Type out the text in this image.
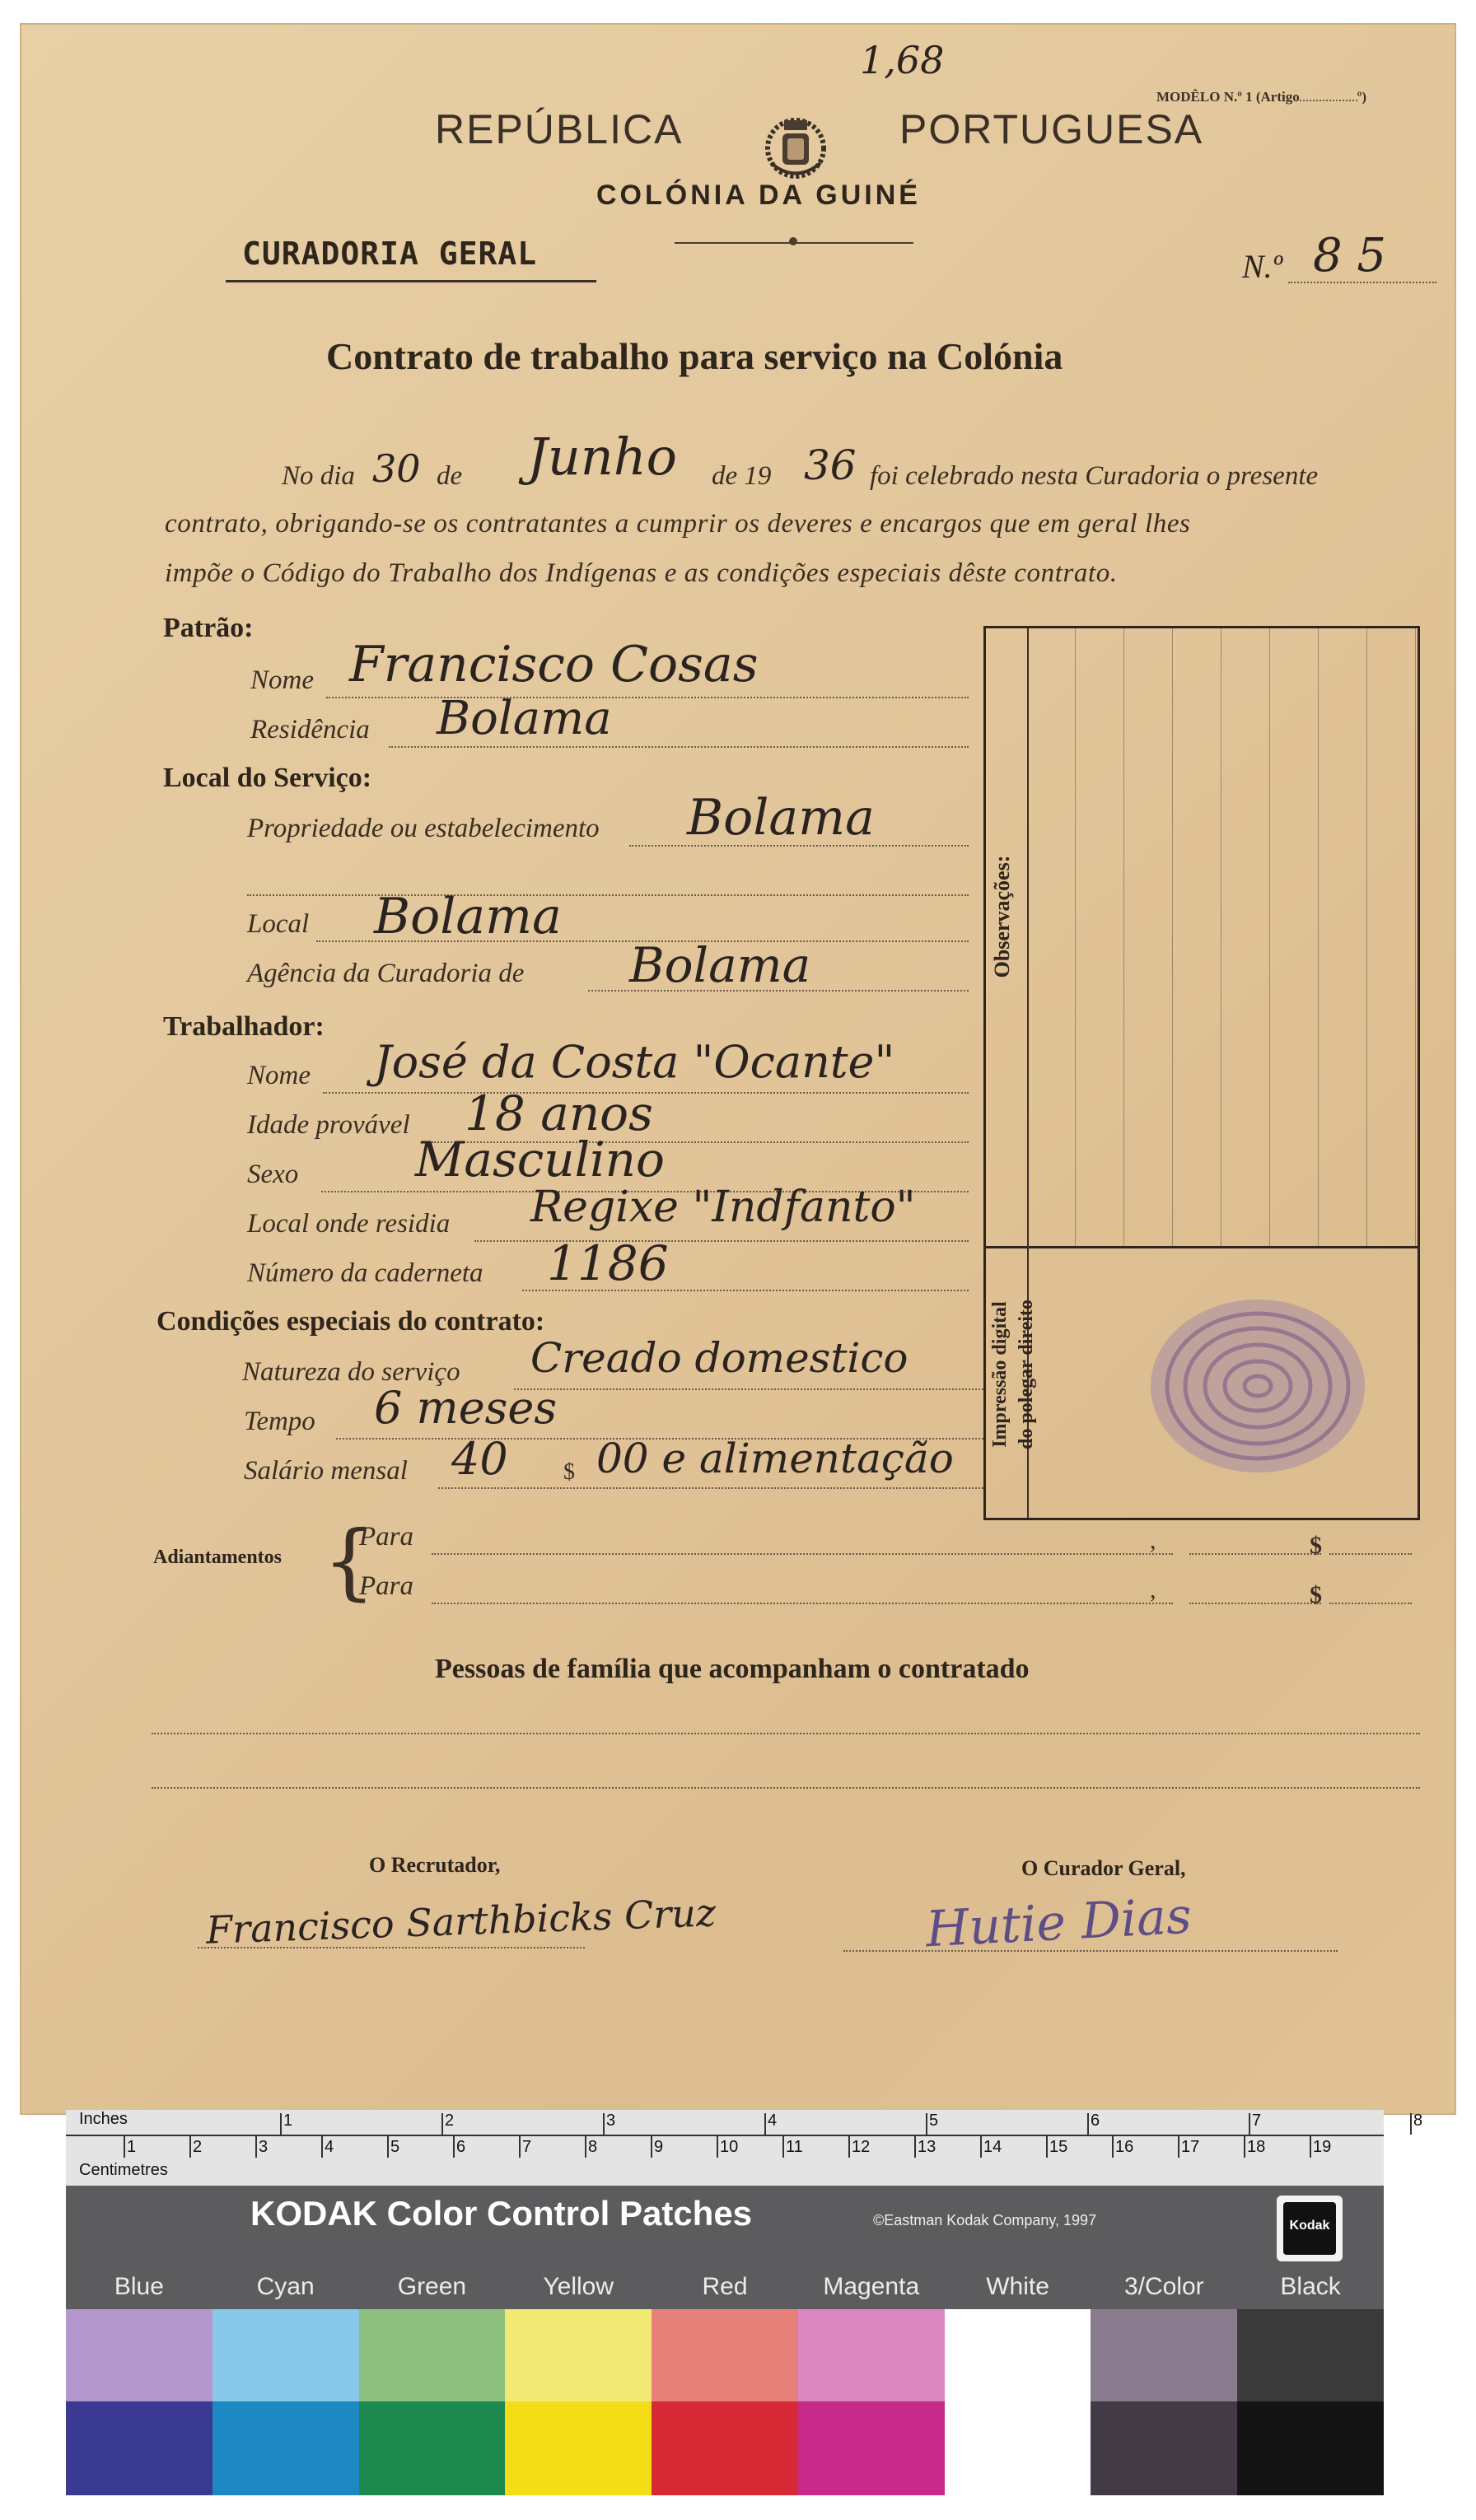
1,68
REPÚBLICA	PORTUGUESA
MODÊLO N.º 1 (Artigo	º)
COLÓNIA DA GUINÉ
CURADORIA GERAL	N.º 8 5
Contrato de trabalho para serviço na Colónia
No dia 30 de Junho de 19 36 foi celebrado nesta Curadoria o presente
contrato, obrigando-se os contratantes a cumprir os deveres e encargos que em geral lhes
impõe o Código do Trabalho dos Indígenas e as condições especiais dêste contrato.
Patrão:
Nome Francisco Cosas
Residência Bolama
Local do Serviço:
Propriedade ou estabelecimento Bolama
Local Bolama
Agência da Curadoria de Bolama
Trabalhador:
Nome José da Costa "Ocante"
Idade provável 18 anos
Sexo Masculino
Local onde residia Regixe "Indfanto"
Número da caderneta 1186
Condições especiais do contrato:
Natureza do serviço Creado domestico
Tempo 6 meses
Salário mensal 40 $ 00 e alimentação
Observações:
Impressão digital do polegar direito
Adiantamentos {
Para	,	$
Para	,	$
Pessoas de família que acompanham o contratado
O Recrutador,
Francisco Sarthbicks Cruz
O Curador Geral,
Hutie Dias
Inches
Centimetres
1	2	3	4	5	6	7	8
1	2	3	4	5	6	7	8	9	10	11	12	13	14	15	16	17	18	19
KODAK Color Control Patches	©Eastman Kodak Company, 1997	Kodak
Blue	Cyan	Green	Yellow	Red	Magenta	White	3/Color	Black
